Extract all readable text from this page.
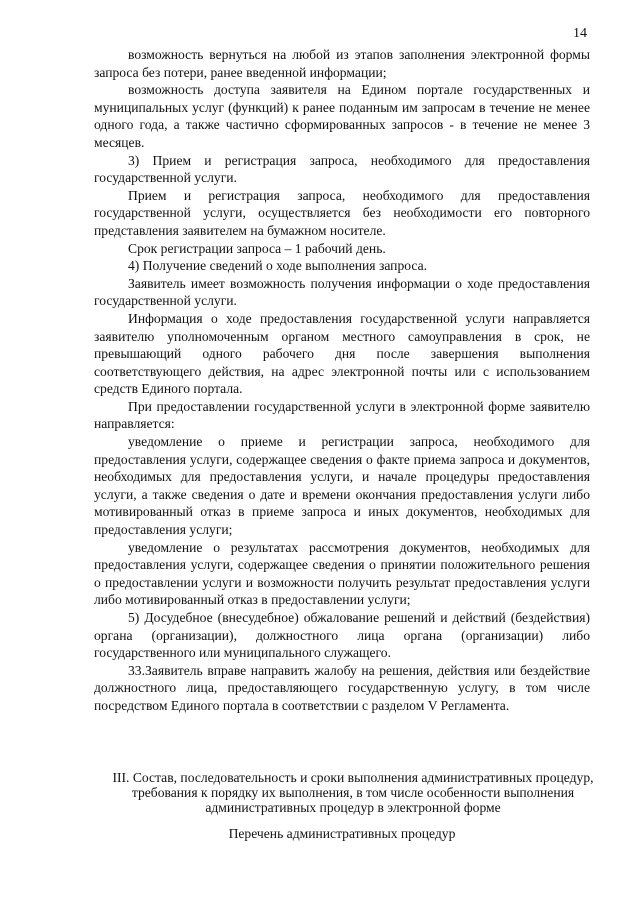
14

возможность вернуться на любой из этапов заполнения электронной формы запроса без потери, ранее введенной информации;

возможность доступа заявителя на Едином портале государственных и муниципальных услуг (функций) к ранее поданным им запросам в течение не менее одного года, а также частично сформированных запросов - в течение не менее 3 месяцев.

3) Прием и регистрация запроса, необходимого для предоставления государственной услуги.

Прием и регистрация запроса, необходимого для предоставления государственной услуги, осуществляется без необходимости его повторного представления заявителем на бумажном носителе.

Срок регистрации запроса – 1 рабочий день.

4) Получение сведений о ходе выполнения запроса.

Заявитель имеет возможность получения информации о ходе предоставления государственной услуги.

Информация о ходе предоставления государственной услуги направляется заявителю уполномоченным органом местного самоуправления в срок, не превышающий одного рабочего дня после завершения выполнения соответствующего действия, на адрес электронной почты или с использованием средств Единого портала.

При предоставлении государственной услуги в электронной форме заявителю направляется:

уведомление о приеме и регистрации запроса, необходимого для предоставления услуги, содержащее сведения о факте приема запроса и документов, необходимых для предоставления услуги, и начале процедуры предоставления услуги, а также сведения о дате и времени окончания предоставления услуги либо мотивированный отказ в приеме запроса и иных документов, необходимых для предоставления услуги;

уведомление о результатах рассмотрения документов, необходимых для предоставления услуги, содержащее сведения о принятии положительного решения о предоставлении услуги и возможности получить результат предоставления услуги либо мотивированный отказ в предоставлении услуги;

5) Досудебное (внесудебное) обжалование решений и действий (бездействия) органа (организации), должностного лица органа (организации) либо государственного или муниципального служащего.

33.Заявитель вправе направить жалобу на решения, действия или бездействие должностного лица, предоставляющего государственную услугу, в том числе посредством Единого портала в соответствии с разделом V Регламента.

III. Состав, последовательность и сроки выполнения административных процедур, требования к порядку их выполнения, в том числе особенности выполнения административных процедур в электронной форме
Перечень административных процедур
